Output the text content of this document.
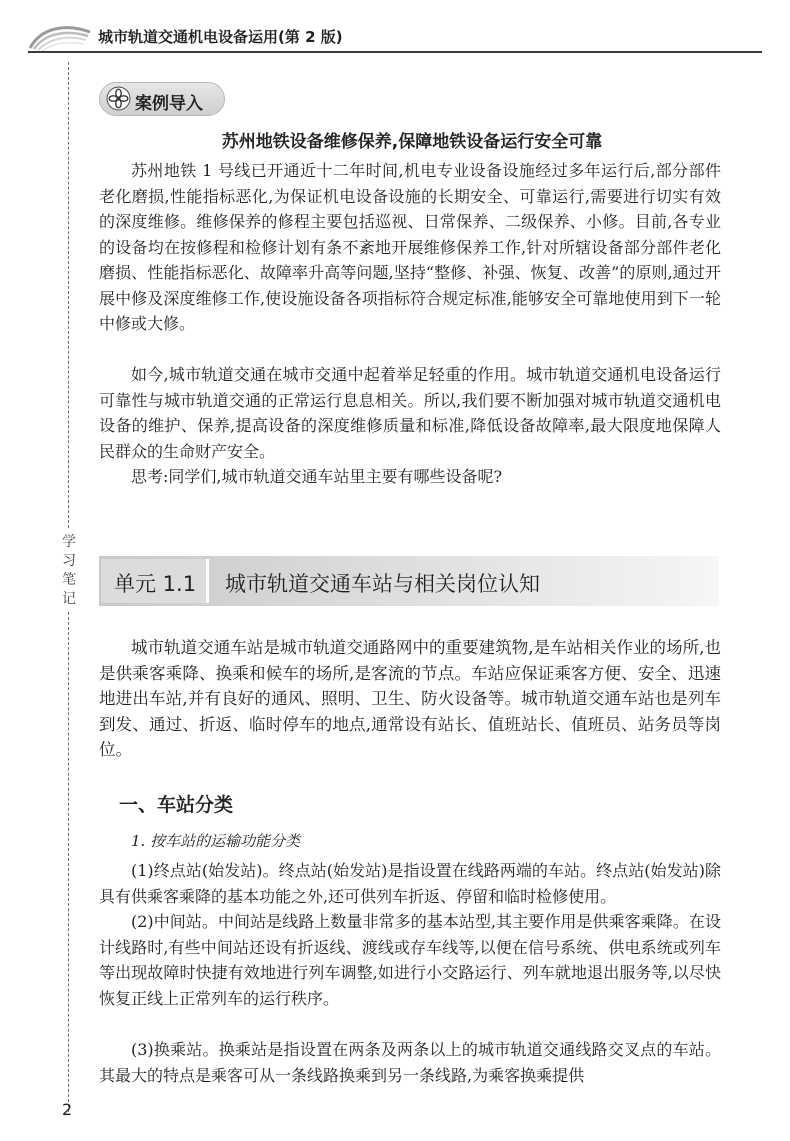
城市轨道交通机电设备运用(第 2 版)
学
习
笔
记
案例导入
苏州地铁设备维修保养,保障地铁设备运行安全可靠
苏州地铁 1 号线已开通近十二年时间,机电专业设备设施经过多年运行后,部分部件老化磨损,性能指标恶化,为保证机电设备设施的长期安全、可靠运行,需要进行切实有效的深度维修。维修保养的修程主要包括巡视、日常保养、二级保养、小修。目前,各专业的设备均在按修程和检修计划有条不紊地开展维修保养工作,针对所辖设备部分部件老化磨损、性能指标恶化、故障率升高等问题,坚持“整修、补强、恢复、改善”的原则,通过开展中修及深度维修工作,使设施设备各项指标符合规定标准,能够安全可靠地使用到下一轮中修或大修。
如今,城市轨道交通在城市交通中起着举足轻重的作用。城市轨道交通机电设备运行可靠性与城市轨道交通的正常运行息息相关。所以,我们要不断加强对城市轨道交通机电设备的维护、保养,提高设备的深度维修质量和标准,降低设备故障率,最大限度地保障人民群众的生命财产安全。
思考:同学们,城市轨道交通车站里主要有哪些设备呢?
单元 1.1 城市轨道交通车站与相关岗位认知
城市轨道交通车站是城市轨道交通路网中的重要建筑物,是车站相关作业的场所,也是供乘客乘降、换乘和候车的场所,是客流的节点。车站应保证乘客方便、安全、迅速地进出车站,并有良好的通风、照明、卫生、防火设备等。城市轨道交通车站也是列车到发、通过、折返、临时停车的地点,通常设有站长、值班站长、值班员、站务员等岗位。
一、车站分类
1. 按车站的运输功能分类
(1)终点站(始发站)。终点站(始发站)是指设置在线路两端的车站。终点站(始发站)除具有供乘客乘降的基本功能之外,还可供列车折返、停留和临时检修使用。
(2)中间站。中间站是线路上数量非常多的基本站型,其主要作用是供乘客乘降。在设计线路时,有些中间站还设有折返线、渡线或存车线等,以便在信号系统、供电系统或列车等出现故障时快捷有效地进行列车调整,如进行小交路运行、列车就地退出服务等,以尽快恢复正线上正常列车的运行秩序。
(3)换乘站。换乘站是指设置在两条及两条以上的城市轨道交通线路交叉点的车站。其最大的特点是乘客可从一条线路换乘到另一条线路,为乘客换乘提供
2
